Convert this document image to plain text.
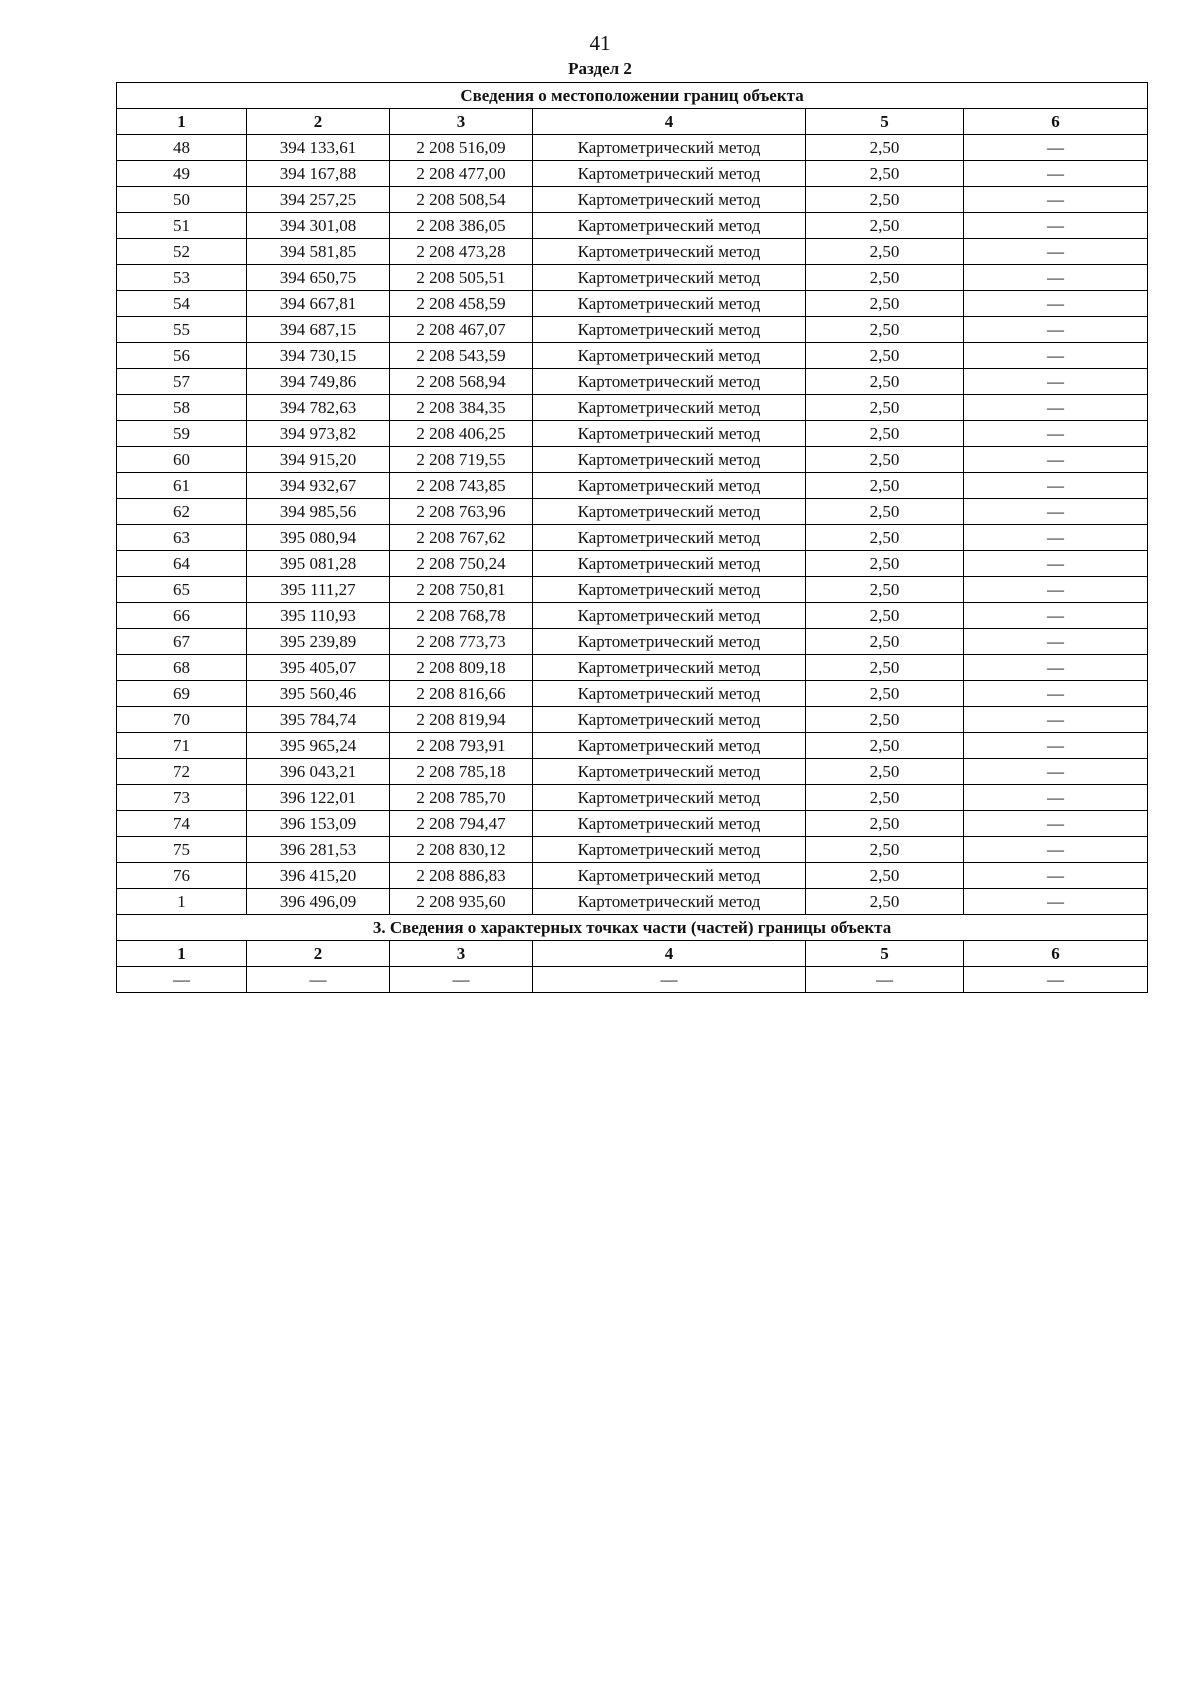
41
Раздел 2
Сведения о местоположении границ объекта					
1	2	3	4	5	6
48	394 133,61	2 208 516,09	Картометрический метод	2,50	—
49	394 167,88	2 208 477,00	Картометрический метод	2,50	—
50	394 257,25	2 208 508,54	Картометрический метод	2,50	—
51	394 301,08	2 208 386,05	Картометрический метод	2,50	—
52	394 581,85	2 208 473,28	Картометрический метод	2,50	—
53	394 650,75	2 208 505,51	Картометрический метод	2,50	—
54	394 667,81	2 208 458,59	Картометрический метод	2,50	—
55	394 687,15	2 208 467,07	Картометрический метод	2,50	—
56	394 730,15	2 208 543,59	Картометрический метод	2,50	—
57	394 749,86	2 208 568,94	Картометрический метод	2,50	—
58	394 782,63	2 208 384,35	Картометрический метод	2,50	—
59	394 973,82	2 208 406,25	Картометрический метод	2,50	—
60	394 915,20	2 208 719,55	Картометрический метод	2,50	—
61	394 932,67	2 208 743,85	Картометрический метод	2,50	—
62	394 985,56	2 208 763,96	Картометрический метод	2,50	—
63	395 080,94	2 208 767,62	Картометрический метод	2,50	—
64	395 081,28	2 208 750,24	Картометрический метод	2,50	—
65	395 111,27	2 208 750,81	Картометрический метод	2,50	—
66	395 110,93	2 208 768,78	Картометрический метод	2,50	—
67	395 239,89	2 208 773,73	Картометрический метод	2,50	—
68	395 405,07	2 208 809,18	Картометрический метод	2,50	—
69	395 560,46	2 208 816,66	Картометрический метод	2,50	—
70	395 784,74	2 208 819,94	Картометрический метод	2,50	—
71	395 965,24	2 208 793,91	Картометрический метод	2,50	—
72	396 043,21	2 208 785,18	Картометрический метод	2,50	—
73	396 122,01	2 208 785,70	Картометрический метод	2,50	—
74	396 153,09	2 208 794,47	Картометрический метод	2,50	—
75	396 281,53	2 208 830,12	Картометрический метод	2,50	—
76	396 415,20	2 208 886,83	Картометрический метод	2,50	—
1	396 496,09	2 208 935,60	Картометрический метод	2,50	—
3. Сведения о характерных точках части (частей) границы объекта					
1	2	3	4	5	6
—	—	—	—	—	—
